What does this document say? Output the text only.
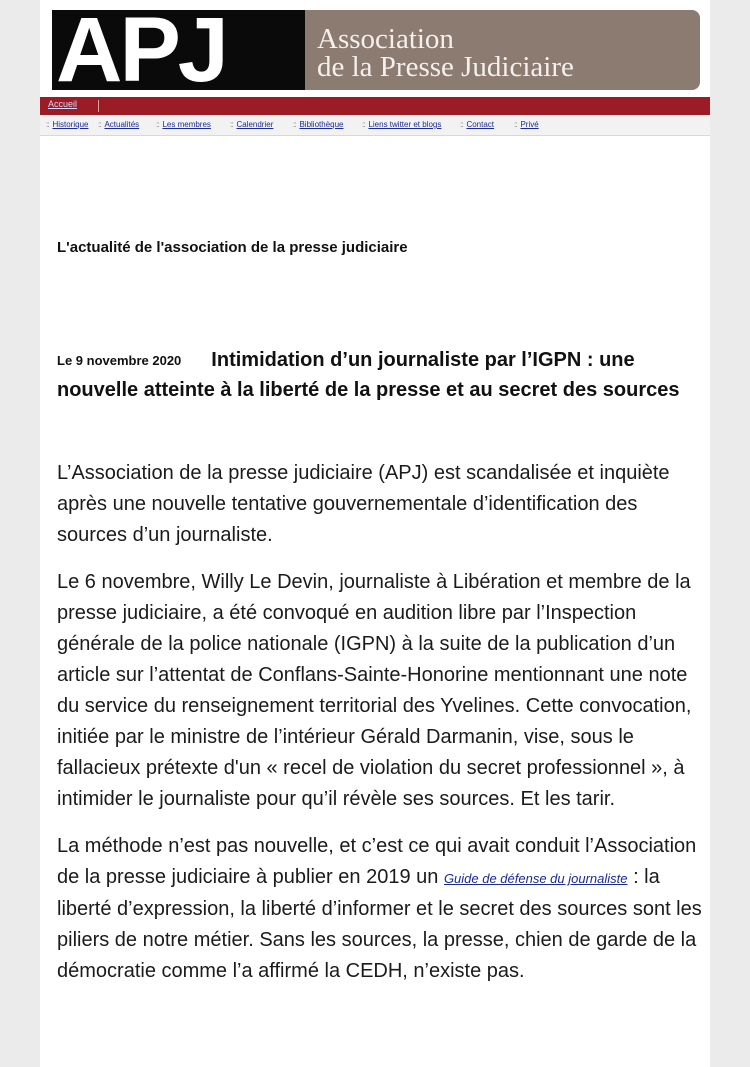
APJ	Association
de la Presse Judiciaire
Accueil
:: Historique :: Actualités :: Les membres :: Calendrier :: Bibliothèque :: Liens twitter et blogs :: Contact :: Privé
L'actualité de l'association de la presse judiciaire
Le 9 novembre 2020 Intimidation d’un journaliste par l’IGPN : une nouvelle atteinte à la liberté de la presse et au secret des sources

L’Association de la presse judiciaire (APJ) est scandalisée et inquiète après une nouvelle tentative gouvernementale d’identification des sources d’un journaliste.

Le 6 novembre, Willy Le Devin, journaliste à Libération et membre de la presse judiciaire, a été convoqué en audition libre par l’Inspection générale de la police nationale (IGPN) à la suite de la publication d’un article sur l’attentat de Conflans-Sainte-Honorine mentionnant une note du service du renseignement territorial des Yvelines. Cette convocation, initiée par le ministre de l’intérieur Gérald Darmanin, vise, sous le fallacieux prétexte d'un « recel de violation du secret professionnel », à intimider le journaliste pour qu’il révèle ses sources. Et les tarir.

La méthode n’est pas nouvelle, et c’est ce qui avait conduit l’Association de la presse judiciaire à publier en 2019 un Guide de défense du journaliste : la liberté d’expression, la liberté d’informer et le secret des sources sont les piliers de notre métier. Sans les sources, la presse, chien de garde de la démocratie comme l’a affirmé la CEDH, n’existe pas.
